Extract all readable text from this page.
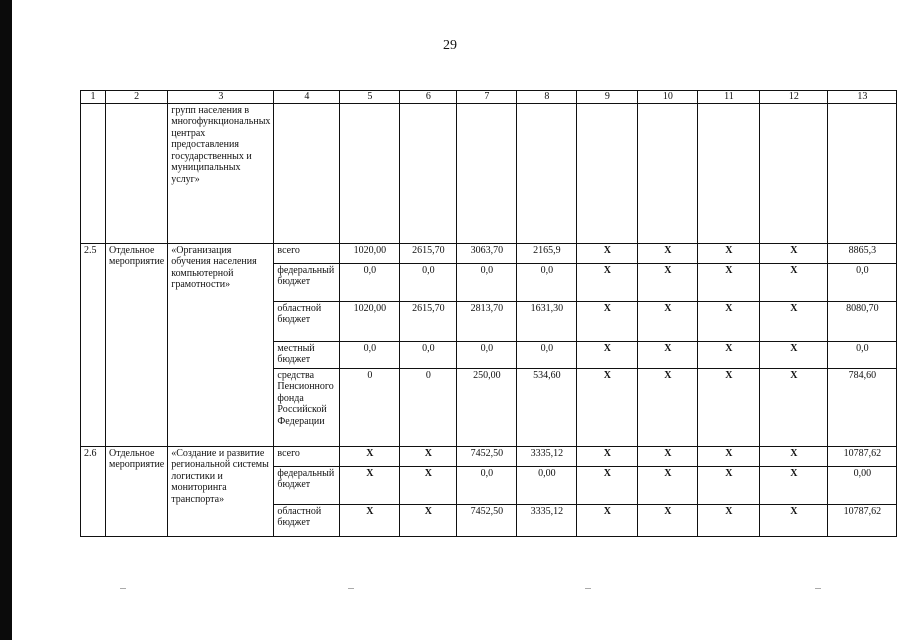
29
1	2	3	4	5	6	7	8	9	10	11	12	13
		групп населения в многофункциональных центрах предоставления государственных и муниципальных услуг»										
2.5	Отдельное мероприятие	«Организация обучения населения компьютерной грамотности»	всего	1020,00	2615,70	3063,70	2165,9	X	X	X	X	8865,3
			федеральный бюджет	0,0	0,0	0,0	0,0	X	X	X	X	0,0
			областной бюджет	1020,00	2615,70	2813,70	1631,30	X	X	X	X	8080,70
			местный бюджет	0,0	0,0	0,0	0,0	X	X	X	X	0,0
			средства Пенсионного фонда Российской Федерации	0	0	250,00	534,60	X	X	X	X	784,60
2.6	Отдельное мероприятие	«Создание и развитие региональной системы логистики и мониторинга транспорта»	всего	X	X	7452,50	3335,12	X	X	X	X	10787,62
			федеральный бюджет	X	X	0,0	0,00	X	X	X	X	0,00
			областной бюджет	X	X	7452,50	3335,12	X	X	X	X	10787,62
